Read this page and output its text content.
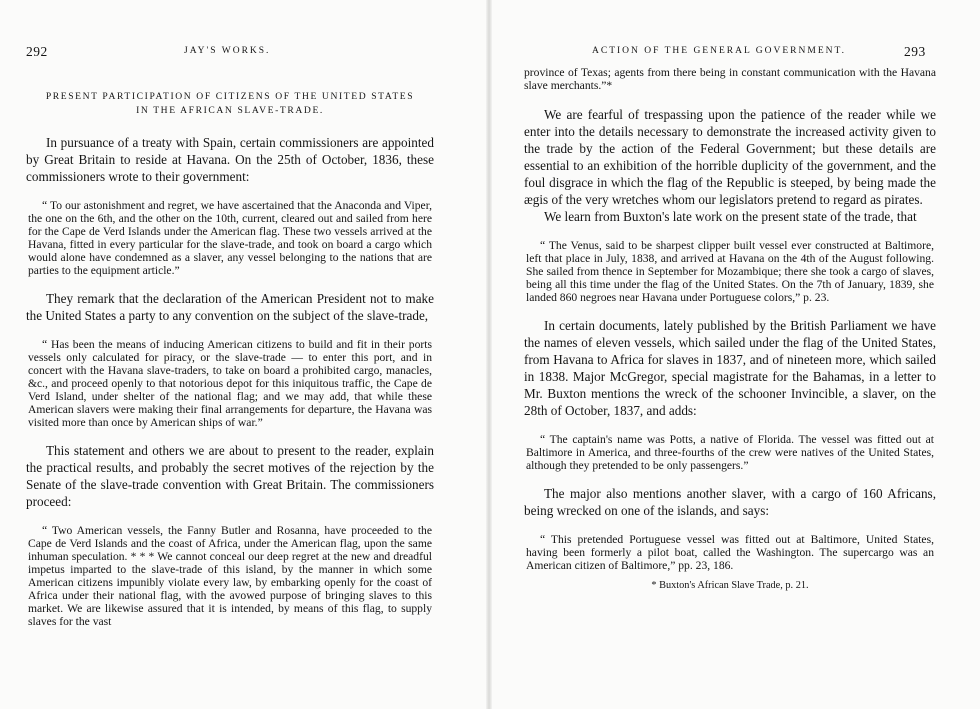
292	JAY'S WORKS.
PRESENT PARTICIPATION OF CITIZENS OF THE UNITED STATES
IN THE AFRICAN SLAVE-TRADE.

In pursuance of a treaty with Spain, certain commissioners are appointed by Great Britain to reside at Havana. On the 25th of October, 1836, these commissioners wrote to their government:

“ To our astonishment and regret, we have ascertained that the Anaconda and Viper, the one on the 6th, and the other on the 10th, current, cleared out and sailed from here for the Cape de Verd Islands under the American flag. These two vessels arrived at the Havana, fitted in every particular for the slave-trade, and took on board a cargo which would alone have condemned as a slaver, any vessel belonging to the nations that are parties to the equipment article.”

They remark that the declaration of the American President not to make the United States a party to any convention on the subject of the slave-trade,

“ Has been the means of inducing American citizens to build and fit in their ports vessels only calculated for piracy, or the slave-trade — to enter this port, and in concert with the Havana slave-traders, to take on board a prohibited cargo, manacles, &c., and proceed openly to that notorious depot for this iniquitous traffic, the Cape de Verd Island, under shelter of the national flag; and we may add, that while these American slavers were making their final arrangements for departure, the Havana was visited more than once by American ships of war.”

This statement and others we are about to present to the reader, explain the practical results, and probably the secret motives of the rejection by the Senate of the slave-trade convention with Great Britain. The commissioners proceed:

“ Two American vessels, the Fanny Butler and Rosanna, have proceeded to the Cape de Verd Islands and the coast of Africa, under the American flag, upon the same inhuman speculation. * * * We cannot conceal our deep regret at the new and dreadful impetus imparted to the slave-trade of this island, by the manner in which some American citizens impunibly violate every law, by embarking openly for the coast of Africa under their national flag, with the avowed purpose of bringing slaves to this market. We are likewise assured that it is intended, by means of this flag, to supply slaves for the vast

ACTION OF THE GENERAL GOVERNMENT.	293

province of Texas; agents from there being in constant communication with the Havana slave merchants.”*

We are fearful of trespassing upon the patience of the reader while we enter into the details necessary to demonstrate the increased activity given to the trade by the action of the Federal Government; but these details are essential to an exhibition of the horrible duplicity of the government, and the foul disgrace in which the flag of the Republic is steeped, by being made the ægis of the very wretches whom our legislators pretend to regard as pirates.

We learn from Buxton's late work on the present state of the trade, that

“ The Venus, said to be sharpest clipper built vessel ever constructed at Baltimore, left that place in July, 1838, and arrived at Havana on the 4th of the August following. She sailed from thence in September for Mozambique; there she took a cargo of slaves, being all this time under the flag of the United States. On the 7th of January, 1839, she landed 860 negroes near Havana under Portuguese colors,” p. 23.

In certain documents, lately published by the British Parliament we have the names of eleven vessels, which sailed under the flag of the United States, from Havana to Africa for slaves in 1837, and of nineteen more, which sailed in 1838. Major McGregor, special magistrate for the Bahamas, in a letter to Mr. Buxton mentions the wreck of the schooner Invincible, a slaver, on the 28th of October, 1837, and adds:

“ The captain's name was Potts, a native of Florida. The vessel was fitted out at Baltimore in America, and three-fourths of the crew were natives of the United States, although they pretended to be only passengers.”

The major also mentions another slaver, with a cargo of 160 Africans, being wrecked on one of the islands, and says:

“ This pretended Portuguese vessel was fitted out at Baltimore, United States, having been formerly a pilot boat, called the Washington. The supercargo was an American citizen of Baltimore,” pp. 23, 186.

* Buxton's African Slave Trade, p. 21.
